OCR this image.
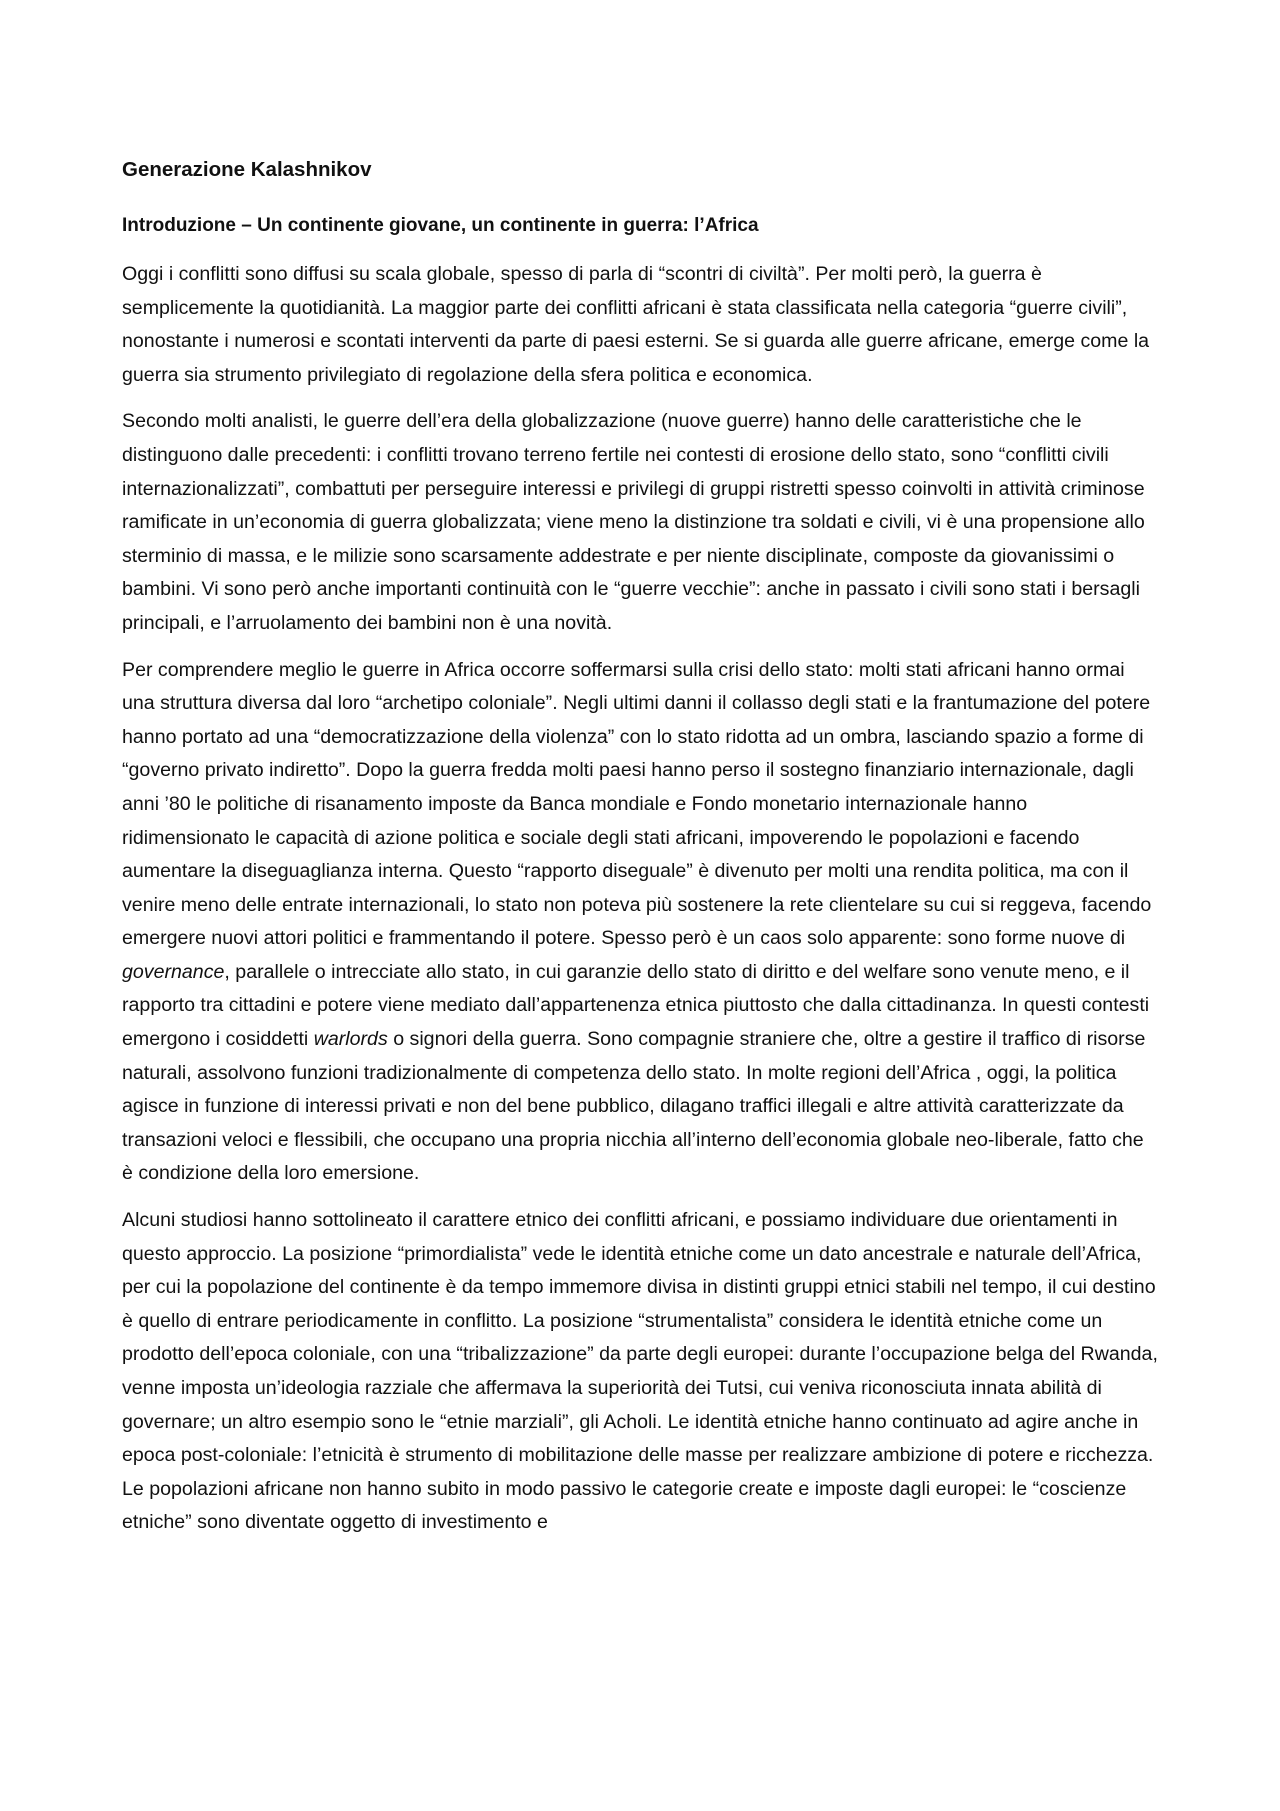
Generazione Kalashnikov
Introduzione – Un continente giovane, un continente in guerra: l’Africa

Oggi i conflitti sono diffusi su scala globale, spesso di parla di “scontri di civiltà”. Per molti però, la guerra è semplicemente la quotidianità. La maggior parte dei conflitti africani è stata classificata nella categoria “guerre civili”, nonostante i numerosi e scontati interventi da parte di paesi esterni. Se si guarda alle guerre africane, emerge come la guerra sia strumento privilegiato di regolazione della sfera politica e economica.

Secondo molti analisti, le guerre dell’era della globalizzazione (nuove guerre) hanno delle caratteristiche che le distinguono dalle precedenti: i conflitti trovano terreno fertile nei contesti di erosione dello stato, sono “conflitti civili internazionalizzati”, combattuti per perseguire interessi e privilegi di gruppi ristretti spesso coinvolti in attività criminose ramificate in un’economia di guerra globalizzata; viene meno la distinzione tra soldati e civili, vi è una propensione allo sterminio di massa, e le milizie sono scarsamente addestrate e per niente disciplinate, composte da giovanissimi o bambini. Vi sono però anche importanti continuità con le “guerre vecchie”: anche in passato i civili sono stati i bersagli principali, e l’arruolamento dei bambini non è una novità.

Per comprendere meglio le guerre in Africa occorre soffermarsi sulla crisi dello stato: molti stati africani hanno ormai una struttura diversa dal loro “archetipo coloniale”. Negli ultimi danni il collasso degli stati e la frantumazione del potere hanno portato ad una “democratizzazione della violenza” con lo stato ridotta ad un ombra, lasciando spazio a forme di “governo privato indiretto”. Dopo la guerra fredda molti paesi hanno perso il sostegno finanziario internazionale, dagli anni ’80 le politiche di risanamento imposte da Banca mondiale e Fondo monetario internazionale hanno ridimensionato le capacità di azione politica e sociale degli stati africani, impoverendo le popolazioni e facendo aumentare la diseguaglianza interna. Questo “rapporto diseguale” è divenuto per molti una rendita politica, ma con il venire meno delle entrate internazionali, lo stato non poteva più sostenere la rete clientelare su cui si reggeva, facendo emergere nuovi attori politici e frammentando il potere. Spesso però è un caos solo apparente: sono forme nuove di governance, parallele o intrecciate allo stato, in cui garanzie dello stato di diritto e del welfare sono venute meno, e il rapporto tra cittadini e potere viene mediato dall’appartenenza etnica piuttosto che dalla cittadinanza. In questi contesti emergono i cosiddetti warlords o signori della guerra. Sono compagnie straniere che, oltre a gestire il traffico di risorse naturali, assolvono funzioni tradizionalmente di competenza dello stato. In molte regioni dell’Africa , oggi, la politica agisce in funzione di interessi privati e non del bene pubblico, dilagano traffici illegali e altre attività caratterizzate da transazioni veloci e flessibili, che occupano una propria nicchia all’interno dell’economia globale neo-liberale, fatto che è condizione della loro emersione.

Alcuni studiosi hanno sottolineato il carattere etnico dei conflitti africani, e possiamo individuare due orientamenti in questo approccio. La posizione “primordialista” vede le identità etniche come un dato ancestrale e naturale dell’Africa, per cui la popolazione del continente è da tempo immemore divisa in distinti gruppi etnici stabili nel tempo, il cui destino è quello di entrare periodicamente in conflitto. La posizione “strumentalista” considera le identità etniche come un prodotto dell’epoca coloniale, con una “tribalizzazione” da parte degli europei: durante l’occupazione belga del Rwanda, venne imposta un’ideologia razziale che affermava la superiorità dei Tutsi, cui veniva riconosciuta innata abilità di governare; un altro esempio sono le “etnie marziali”, gli Acholi. Le identità etniche hanno continuato ad agire anche in epoca post-coloniale: l’etnicità è strumento di mobilitazione delle masse per realizzare ambizione di potere e ricchezza. Le popolazioni africane non hanno subito in modo passivo le categorie create e imposte dagli europei: le “coscienze etniche” sono diventate oggetto di investimento e
